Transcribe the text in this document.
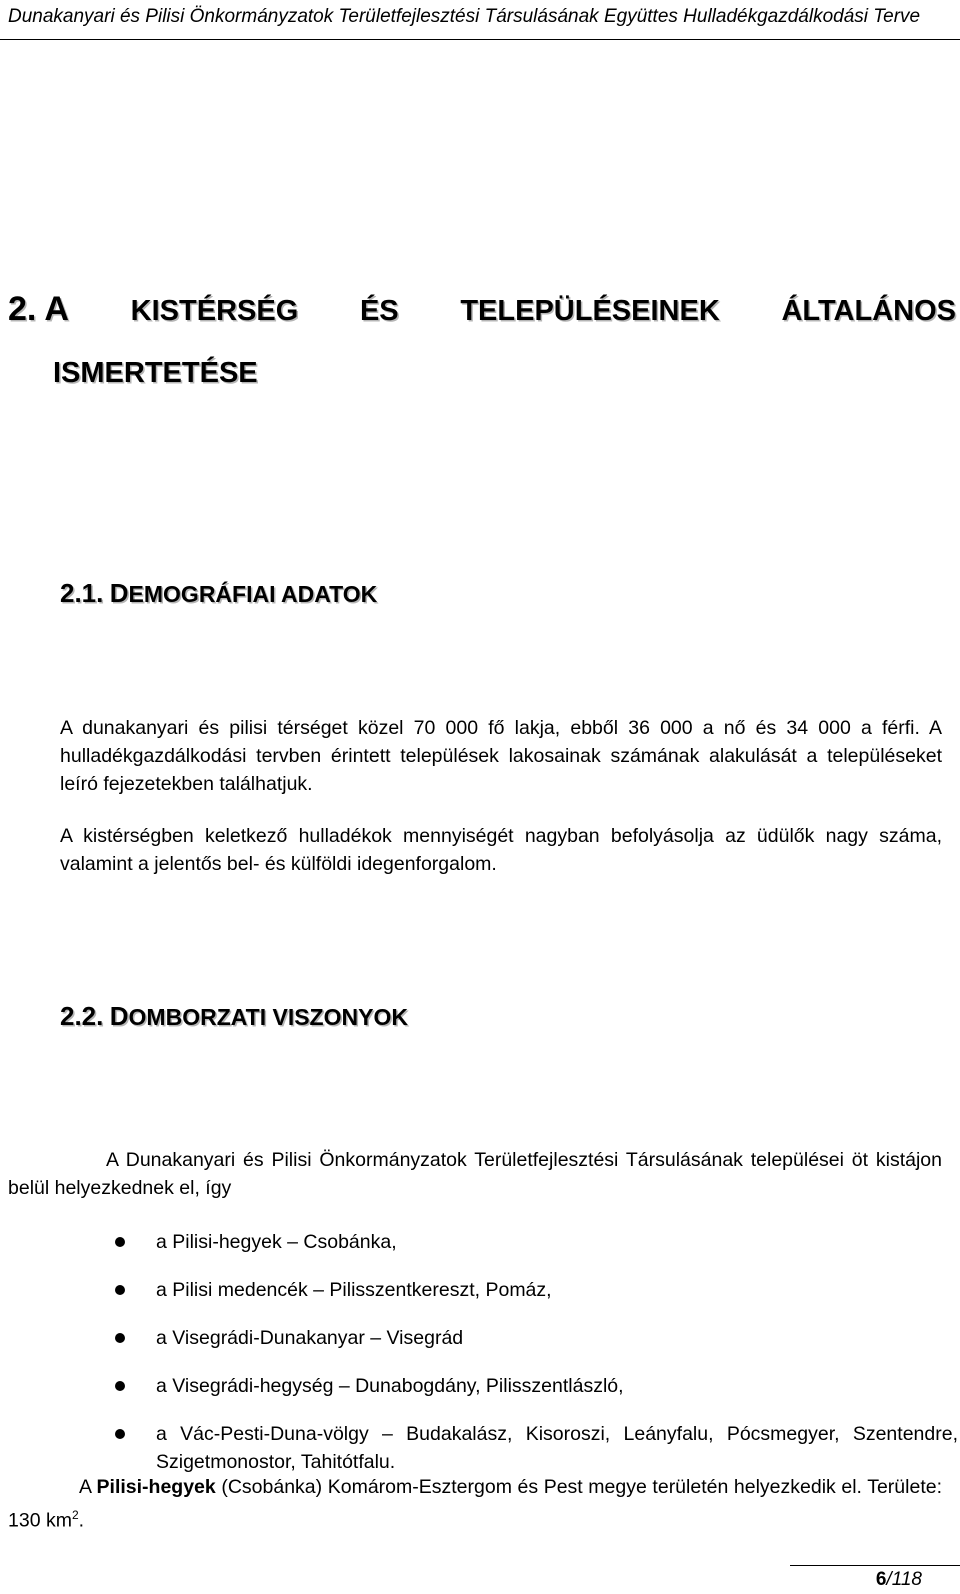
Dunakanyari és Pilisi Önkormányzatok Területfejlesztési Társulásának Együttes Hulladékgazdálkodási Terve
2. A KISTÉRSÉG ÉS TELEPÜLÉSEINEK ÁLTALÁNOS
ISMERTETÉSE
2.1. DEMOGRÁFIAI ADATOK
A dunakanyari és pilisi térséget közel 70 000 fő lakja, ebből 36 000 a nő és 34 000 a férfi. A hulladékgazdálkodási tervben érintett települések lakosainak számának alakulását a településeket leíró fejezetekben találhatjuk.
A kistérségben keletkező hulladékok mennyiségét nagyban befolyásolja az üdülők nagy száma, valamint a jelentős bel- és külföldi idegenforgalom.
2.2. DOMBORZATI VISZONYOK
A Dunakanyari és Pilisi Önkormányzatok Területfejlesztési Társulásának települései öt kistájon belül helyezkednek el, így
a Pilisi-hegyek – Csobánka,
a Pilisi medencék – Pilisszentkereszt, Pomáz,
a Visegrádi-Dunakanyar – Visegrád
a Visegrádi-hegység – Dunabogdány, Pilisszentlászló,
a Vác-Pesti-Duna-völgy – Budakalász, Kisoroszi, Leányfalu, Pócsmegyer, Szentendre, Szigetmonostor, Tahitótfalu.
A Pilisi-hegyek (Csobánka) Komárom-Esztergom és Pest megye területén helyezkedik el. Területe: 130 $km^2$.
6/118
